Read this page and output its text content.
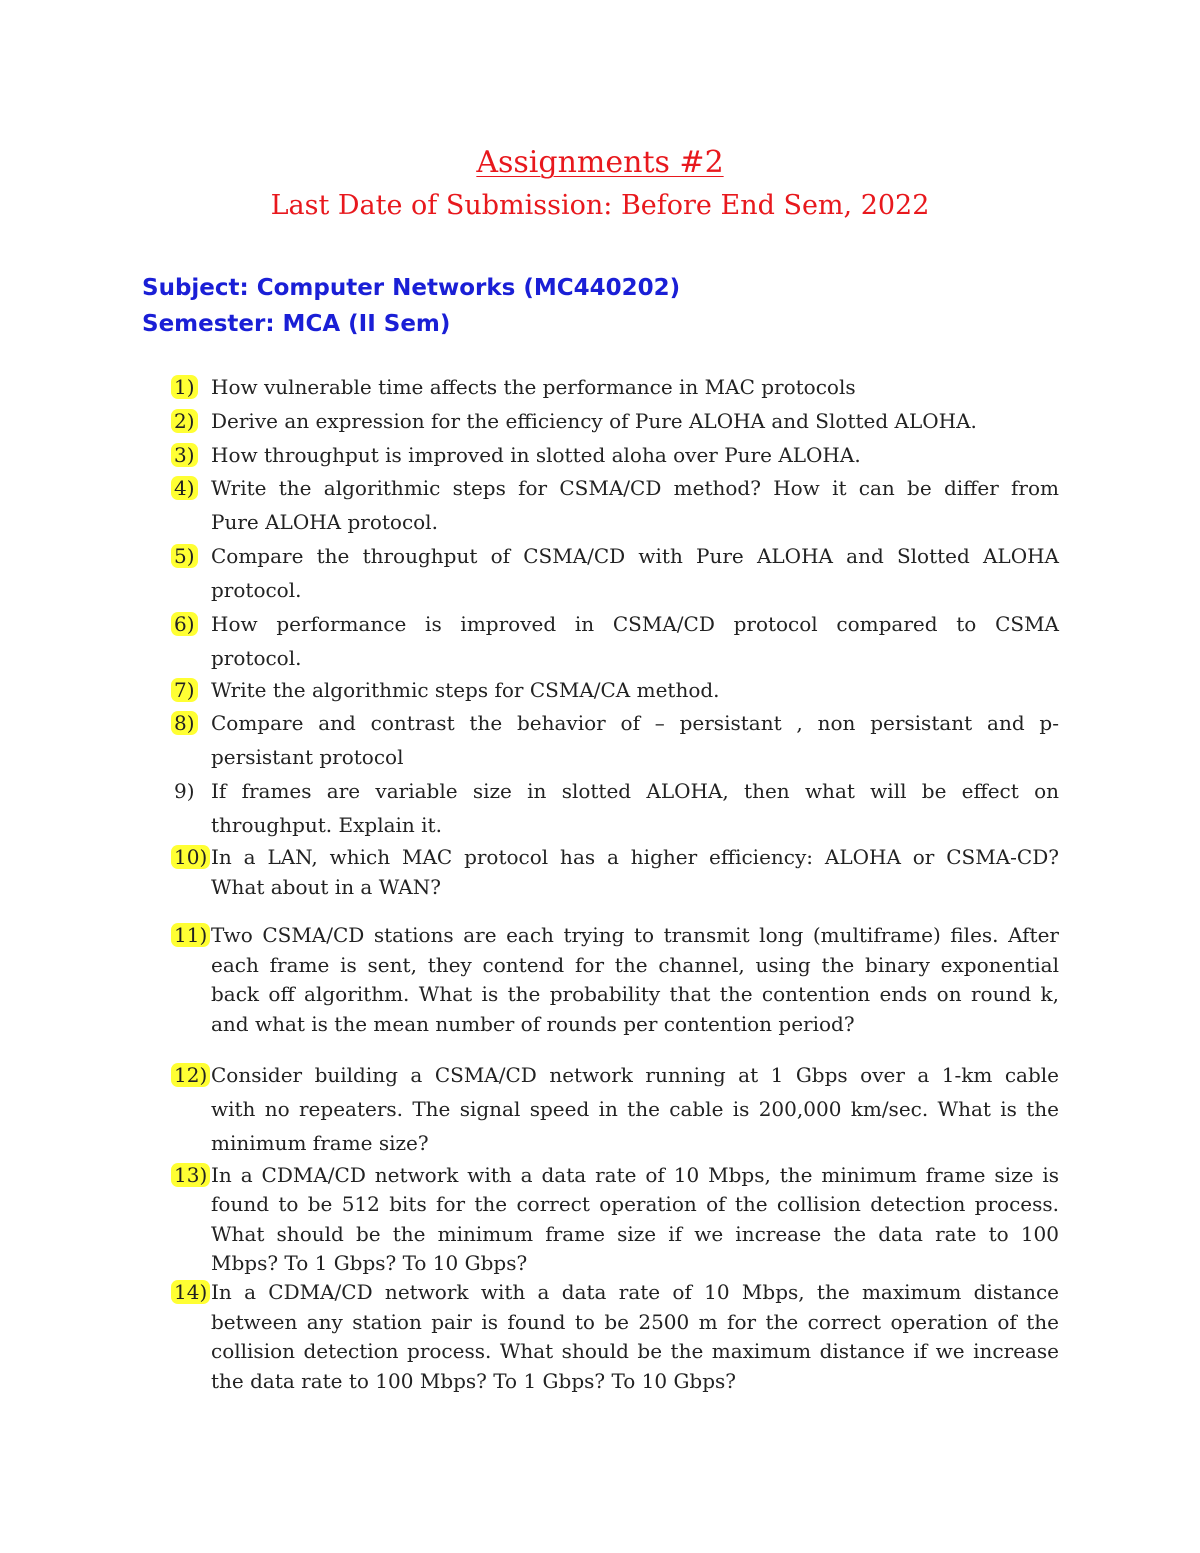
Assignments #2
Last Date of Submission: Before End Sem, 2022
Subject: Computer Networks (MC440202)
Semester: MCA (II Sem)
1) How vulnerable time affects the performance in MAC protocols
2) Derive an expression for the efficiency of Pure ALOHA and Slotted ALOHA.
3) How throughput is improved in slotted aloha over Pure ALOHA.
4) Write the algorithmic steps for CSMA/CD method? How it can be differ from
Pure ALOHA protocol.
5) Compare the throughput of CSMA/CD with Pure ALOHA and Slotted ALOHA
protocol.
6) How performance is improved in CSMA/CD protocol compared to CSMA
protocol.
7) Write the algorithmic steps for CSMA/CA method.
8) Compare and contrast the behavior of – persistant , non persistant and p-
persistant protocol
9) If frames are variable size in slotted ALOHA, then what will be effect on
throughput. Explain it.
10) In a LAN, which MAC protocol has a higher efficiency: ALOHA or CSMA-CD?
What about in a WAN?
11) Two CSMA/CD stations are each trying to transmit long (multiframe) files. After
each frame is sent, they contend for the channel, using the binary exponential
back off algorithm. What is the probability that the contention ends on round k,
and what is the mean number of rounds per contention period?
12) Consider building a CSMA/CD network running at 1 Gbps over a 1-km cable
with no repeaters. The signal speed in the cable is 200,000 km/sec. What is the
minimum frame size?
13) In a CDMA/CD network with a data rate of 10 Mbps, the minimum frame size is
found to be 512 bits for the correct operation of the collision detection process.
What should be the minimum frame size if we increase the data rate to 100
Mbps? To 1 Gbps? To 10 Gbps?
14) In a CDMA/CD network with a data rate of 10 Mbps, the maximum distance
between any station pair is found to be 2500 m for the correct operation of the
collision detection process. What should be the maximum distance if we increase
the data rate to 100 Mbps? To 1 Gbps? To 10 Gbps?
